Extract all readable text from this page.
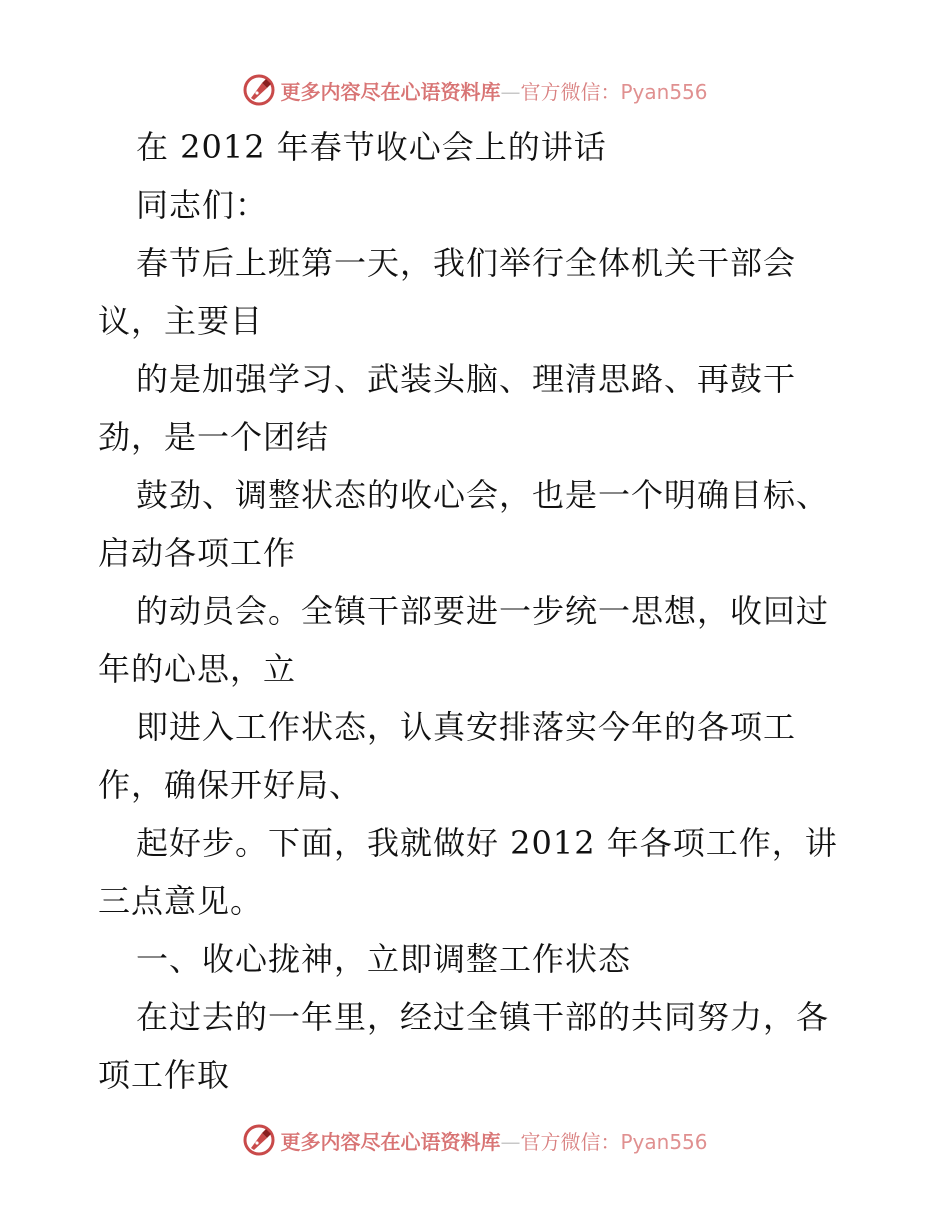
更多内容尽在心语资料库—官方微信：Pyan556
在 2012 年春节收心会上的讲话
同志们：
春节后上班第一天，我们举行全体机关干部会
议，主要目
的是加强学习、武装头脑、理清思路、再鼓干
劲，是一个团结
鼓劲、调整状态的收心会，也是一个明确目标、
启动各项工作
的动员会。全镇干部要进一步统一思想，收回过
年的心思，立
即进入工作状态，认真安排落实今年的各项工
作，确保开好局、
起好步。下面，我就做好 2012 年各项工作，讲
三点意见。
一、收心拢神，立即调整工作状态
在过去的一年里，经过全镇干部的共同努力，各
项工作取
更多内容尽在心语资料库—官方微信：Pyan556
